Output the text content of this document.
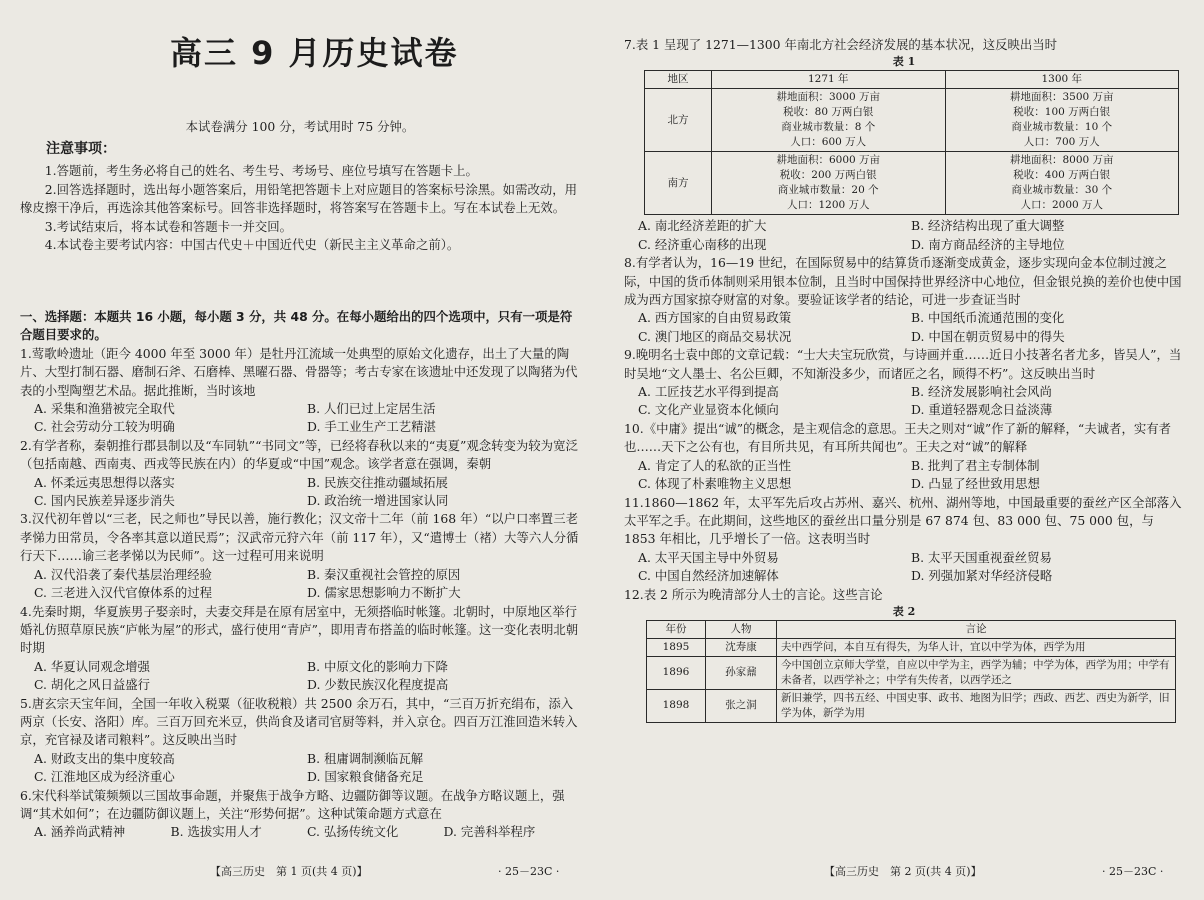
高三 9 月历史试卷

本试卷满分 100 分，考试用时 75 分钟。

注意事项：

1.答题前，考生务必将自己的姓名、考生号、考场号、座位号填写在答题卡上。

2.回答选择题时，选出每小题答案后，用铅笔把答题卡上对应题目的答案标号涂黑。如需改动，用橡皮擦干净后，再选涂其他答案标号。回答非选择题时，将答案写在答题卡上。写在本试卷上无效。

3.考试结束后，将本试卷和答题卡一并交回。

4.本试卷主要考试内容：中国古代史＋中国近代史（新民主主义革命之前）。

一、选择题：本题共 16 小题，每小题 3 分，共 48 分。在每小题给出的四个选项中，只有一项是符合题目要求的。

1.莺歌岭遗址（距今 4000 年至 3000 年）是牡丹江流域一处典型的原始文化遗存，出土了大量的陶片、大型打制石器、磨制石斧、石磨棒、黑曜石器、骨器等；考古专家在该遗址中还发现了以陶猪为代表的小型陶塑艺术品。据此推断，当时该地

A. 采集和渔猎被完全取代	B. 人们已过上定居生活
C. 社会劳动分工较为明确	D. 手工业生产工艺精湛

2.有学者称，秦朝推行郡县制以及“车同轨”“书同文”等，已经将春秋以来的“夷夏”观念转变为较为宽泛（包括南越、西南夷、西戎等民族在内）的华夏或“中国”观念。该学者意在强调，秦朝

A. 怀柔远夷思想得以落实	B. 民族交往推动疆域拓展
C. 国内民族差异逐步消失	D. 政治统一增进国家认同

3.汉代初年曾以“三老，民之师也”导民以善，施行教化；汉文帝十二年（前 168 年）“以户口率置三老孝悌力田常员，令各率其意以道民焉”；汉武帝元狩六年（前 117 年），又“遣博士（褚）大等六人分循行天下……谕三老孝悌以为民师”。这一过程可用来说明

A. 汉代沿袭了秦代基层治理经验	B. 秦汉重视社会管控的原因
C. 三老进入汉代官僚体系的过程	D. 儒家思想影响力不断扩大

4.先秦时期，华夏族男子娶亲时，夫妻交拜是在原有居室中，无须搭临时帐篷。北朝时，中原地区举行婚礼仿照草原民族“庐帐为屋”的形式，盛行使用“青庐”，即用青布搭盖的临时帐篷。这一变化表明北朝时期

A. 华夏认同观念增强	B. 中原文化的影响力下降
C. 胡化之风日益盛行	D. 少数民族汉化程度提高

5.唐玄宗天宝年间，全国一年收入税粟（征收税粮）共 2500 余万石，其中，“三百万折充绢布，添入两京（长安、洛阳）库。三百万回充米豆，供尚食及诸司官厨等料，并入京仓。四百万江淮回造米转入京，充官禄及诸司粮料”。这反映出当时

A. 财政支出的集中度较高	B. 租庸调制濒临瓦解
C. 江淮地区成为经济重心	D. 国家粮食储备充足

6.宋代科举试策频频以三国故事命题，并聚焦于战争方略、边疆防御等议题。在战争方略议题上，强调“其术如何”；在边疆防御议题上，关注“形势何据”。这种试策命题方式意在

A. 涵养尚武精神	B. 选拔实用人才	C. 弘扬传统文化	D. 完善科举程序
【高三历史　第 1 页(共 4 页)】	· 25－23C ·

7.表 1 呈现了 1271—1300 年南北方社会经济发展的基本状况，这反映出当时

表 1
地区	1271 年	1300 年
北方	耕地面积：3000 万亩
税收：80 万两白银
商业城市数量：8 个
人口：600 万人	耕地面积：3500 万亩
税收：100 万两白银
商业城市数量：10 个
人口：700 万人

南方	耕地面积：6000 万亩
税收：200 万两白银
商业城市数量：20 个
人口：1200 万人	耕地面积：8000 万亩
税收：400 万两白银
商业城市数量：30 个
人口：2000 万人
A. 南北经济差距的扩大	B. 经济结构出现了重大调整
C. 经济重心南移的出现	D. 南方商品经济的主导地位

8.有学者认为，16—19 世纪，在国际贸易中的结算货币逐渐变成黄金，逐步实现向金本位制过渡之际，中国的货币体制则采用银本位制，且当时中国保持世界经济中心地位，但金银兑换的差价也使中国成为西方国家掠夺财富的对象。要验证该学者的结论，可进一步查证当时

A. 西方国家的自由贸易政策	B. 中国纸币流通范围的变化
C. 澳门地区的商品交易状况	D. 中国在朝贡贸易中的得失

9.晚明名士袁中郎的文章记载：“士大夫宝玩欣赏，与诗画并重……近日小技著名者尤多，皆吴人”，当时吴地“文人墨士、名公巨卿，不知渐没多少，而诸匠之名，顾得不朽”。这反映出当时

A. 工匠技艺水平得到提高	B. 经济发展影响社会风尚
C. 文化产业显资本化倾向	D. 重道轻器观念日益淡薄

10.《中庸》提出“诚”的概念，是主观信念的意思。王夫之则对“诚”作了新的解释，“夫诚者，实有者也……天下之公有也，有目所共见，有耳所共闻也”。王夫之对“诚”的解释

A. 肯定了人的私欲的正当性	B. 批判了君主专制体制
C. 体现了朴素唯物主义思想	D. 凸显了经世致用思想

11.1860—1862 年，太平军先后攻占苏州、嘉兴、杭州、湖州等地，中国最重要的蚕丝产区全部落入太平军之手。在此期间，这些地区的蚕丝出口量分别是 67 874 包、83 000 包、75 000 包，与 1853 年相比，几乎增长了一倍。这表明当时

A. 太平天国主导中外贸易	B. 太平天国重视蚕丝贸易
C. 中国自然经济加速解体	D. 列强加紧对华经济侵略

12.表 2 所示为晚清部分人士的言论。这些言论

表 2
年份	人物	言论
1895	沈寿康	夫中西学问，本自互有得失，为华人计，宜以中学为体，西学为用
1896	孙家鼐	今中国创立京师大学堂，自应以中学为主，西学为辅；中学为体，西学为用；中学有未备者，以西学补之；中学有失传者，以西学还之
1898	张之洞	新旧兼学，四书五经、中国史事、政书、地图为旧学；西政、西艺、西史为新学，旧学为体，新学为用
【高三历史　第 2 页(共 4 页)】	· 25－23C ·
